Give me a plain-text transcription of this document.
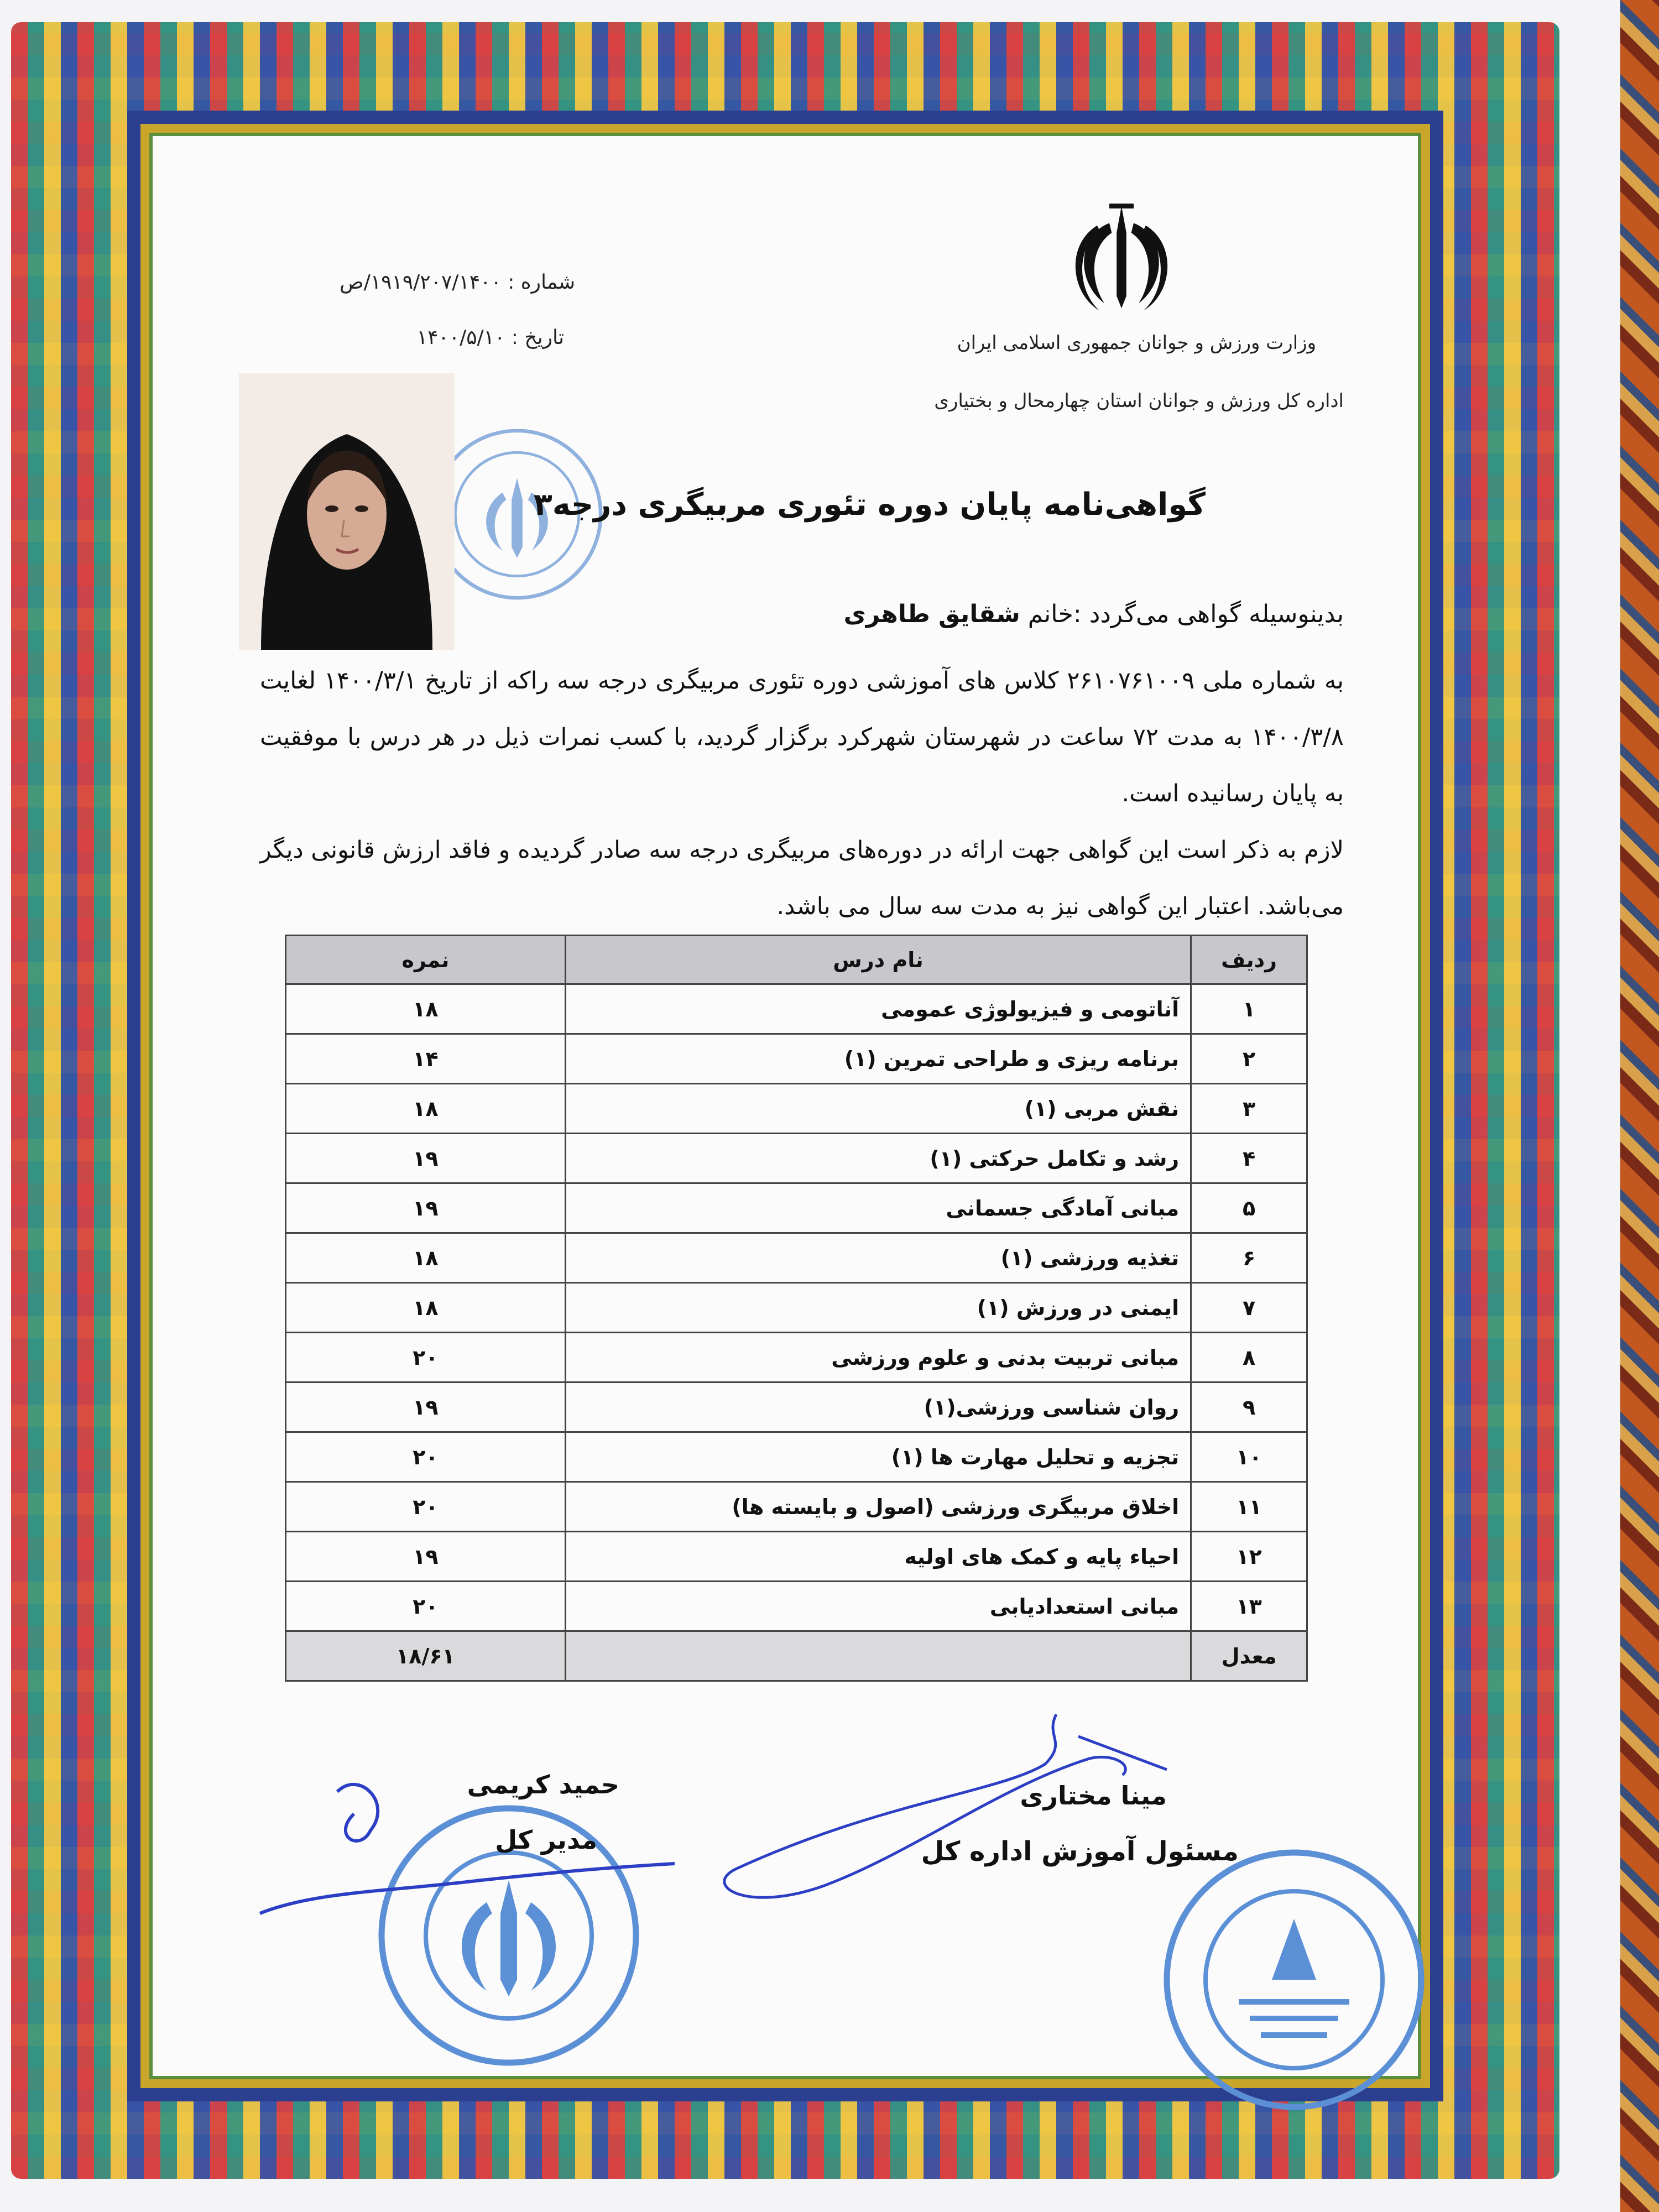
وزارت ورزش و جوانان جمهوری اسلامی ایران
اداره کل ورزش و جوانان استان چهارمحال و بختیاری
شماره : ۱۹۱۹/۲۰۷/۱۴۰۰/ص
تاریخ : ۱۴۰۰/۵/۱۰
گواهی‌نامه پایان دوره تئوری مربیگری درجه۳
بدینوسیله گواهی می‌گردد :خانم شقایق طاهری
به شماره ملی ۲۶۱۰۷۶۱۰۰۹ کلاس های آموزشی دوره تئوری مربیگری درجه سه راکه از تاریخ ۱۴۰۰/۳/۱ لغایت ۱۴۰۰/۳/۸ به مدت ۷۲ ساعت در شهرستان شهرکرد برگزار گردید، با کسب نمرات ذیل در هر درس با موفقیت به پایان رسانیده است.
لازم به ذکر است این گواهی جهت ارائه در دوره‌های مربیگری درجه سه صادر گردیده و فاقد ارزش قانونی دیگر می‌باشد. اعتبار این گواهی نیز به مدت سه سال می باشد.
ردیف	نام درس	نمره
۱	آناتومی و فیزیولوژی عمومی	۱۸
۲	برنامه ریزی و طراحی تمرین (۱)	۱۴
۳	نقش مربی (۱)	۱۸
۴	رشد و تکامل حرکتی (۱)	۱۹
۵	مبانی آمادگی جسمانی	۱۹
۶	تغذیه ورزشی (۱)	۱۸
۷	ایمنی در ورزش (۱)	۱۸
۸	مبانی تربیت بدنی و علوم ورزشی	۲۰
۹	روان شناسی ورزشی(۱)	۱۹
۱۰	تجزیه و تحلیل مهارت ها (۱)	۲۰
۱۱	اخلاق مربیگری ورزشی (اصول و بایسته ها)	۲۰
۱۲	احیاء پایه و کمک های اولیه	۱۹
۱۳	مبانی استعدادیابی	۲۰
معدل		۱۸/۶۱
مینا مختاری
مسئول آموزش اداره کل
حمید کریمی
مدیر کل
